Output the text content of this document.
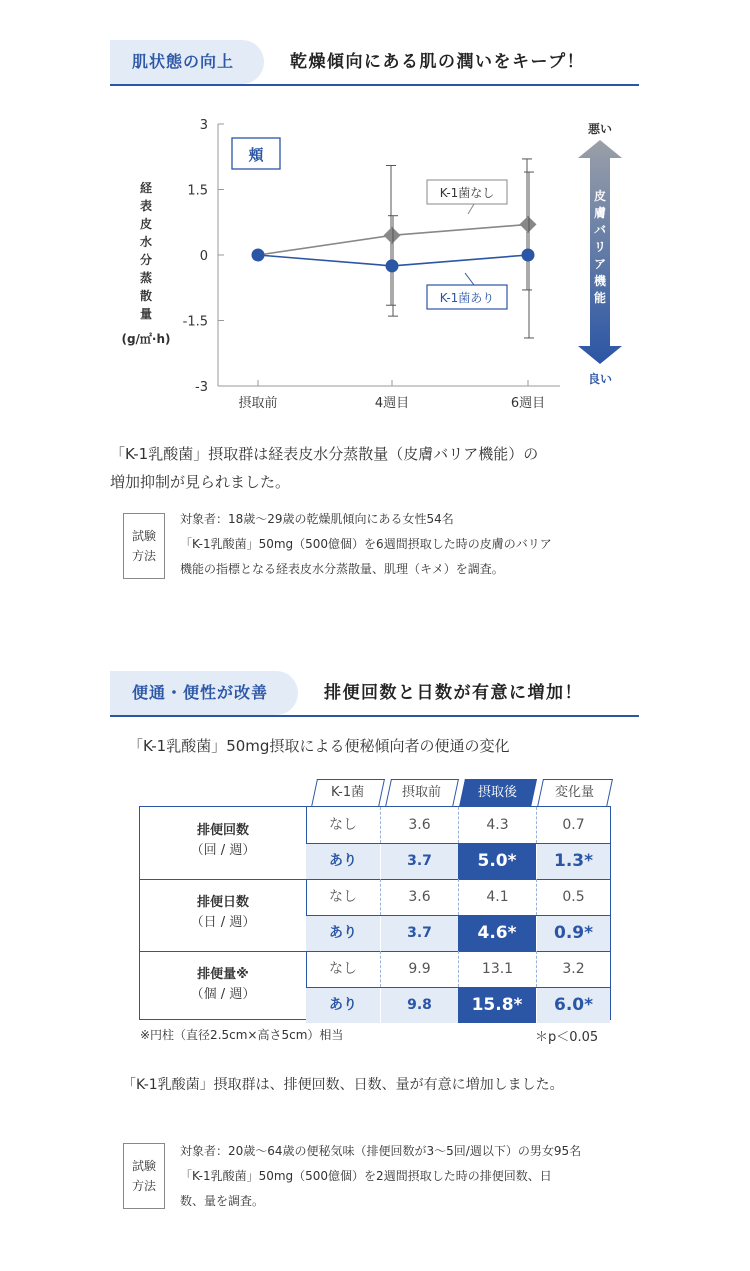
肌状態の向上	乾燥傾向にある肌の潤いをキープ！
3
1.5
0
-1.5
-3
摂取前	4週目	6週目
経
表
皮
水
分
蒸
散
量
(g/㎡·h)
頬
K-1菌なし
K-1菌あり
悪い
良い
皮
膚
バ
リ
ア
機
能
「K-1乳酸菌」摂取群は経表皮水分蒸散量（皮膚バリア機能）の
増加抑制が見られました。
試験
方法
対象者：18歳〜29歳の乾燥肌傾向にある女性54名
「K-1乳酸菌」50mg（500億個）を6週間摂取した時の皮膚のバリア
機能の指標となる経表皮水分蒸散量、肌理（キメ）を調査。
便通・便性が改善	排便回数と日数が有意に増加！
「K-1乳酸菌」50mg摂取による便秘傾向者の便通の変化
K-1菌	摂取前	摂取後	変化量
排便回数
（回 / 週）
なし	3.6	4.3	0.7
あり	3.7	5.0*	1.3*
排便日数
（日 / 週）
なし	3.6	4.1	0.5
あり	3.7	4.6*	0.9*
排便量※
（個 / 週）
なし	9.9	13.1	3.2
あり	9.8	15.8*	6.0*
※円柱（直径2.5cm×高さ5cm）相当	＊p＜0.05
「K-1乳酸菌」摂取群は、排便回数、日数、量が有意に増加しました。
試験
方法
対象者：20歳〜64歳の便秘気味（排便回数が3〜5回/週以下）の男女95名
「K-1乳酸菌」50mg（500億個）を2週間摂取した時の排便回数、日
数、量を調査。
